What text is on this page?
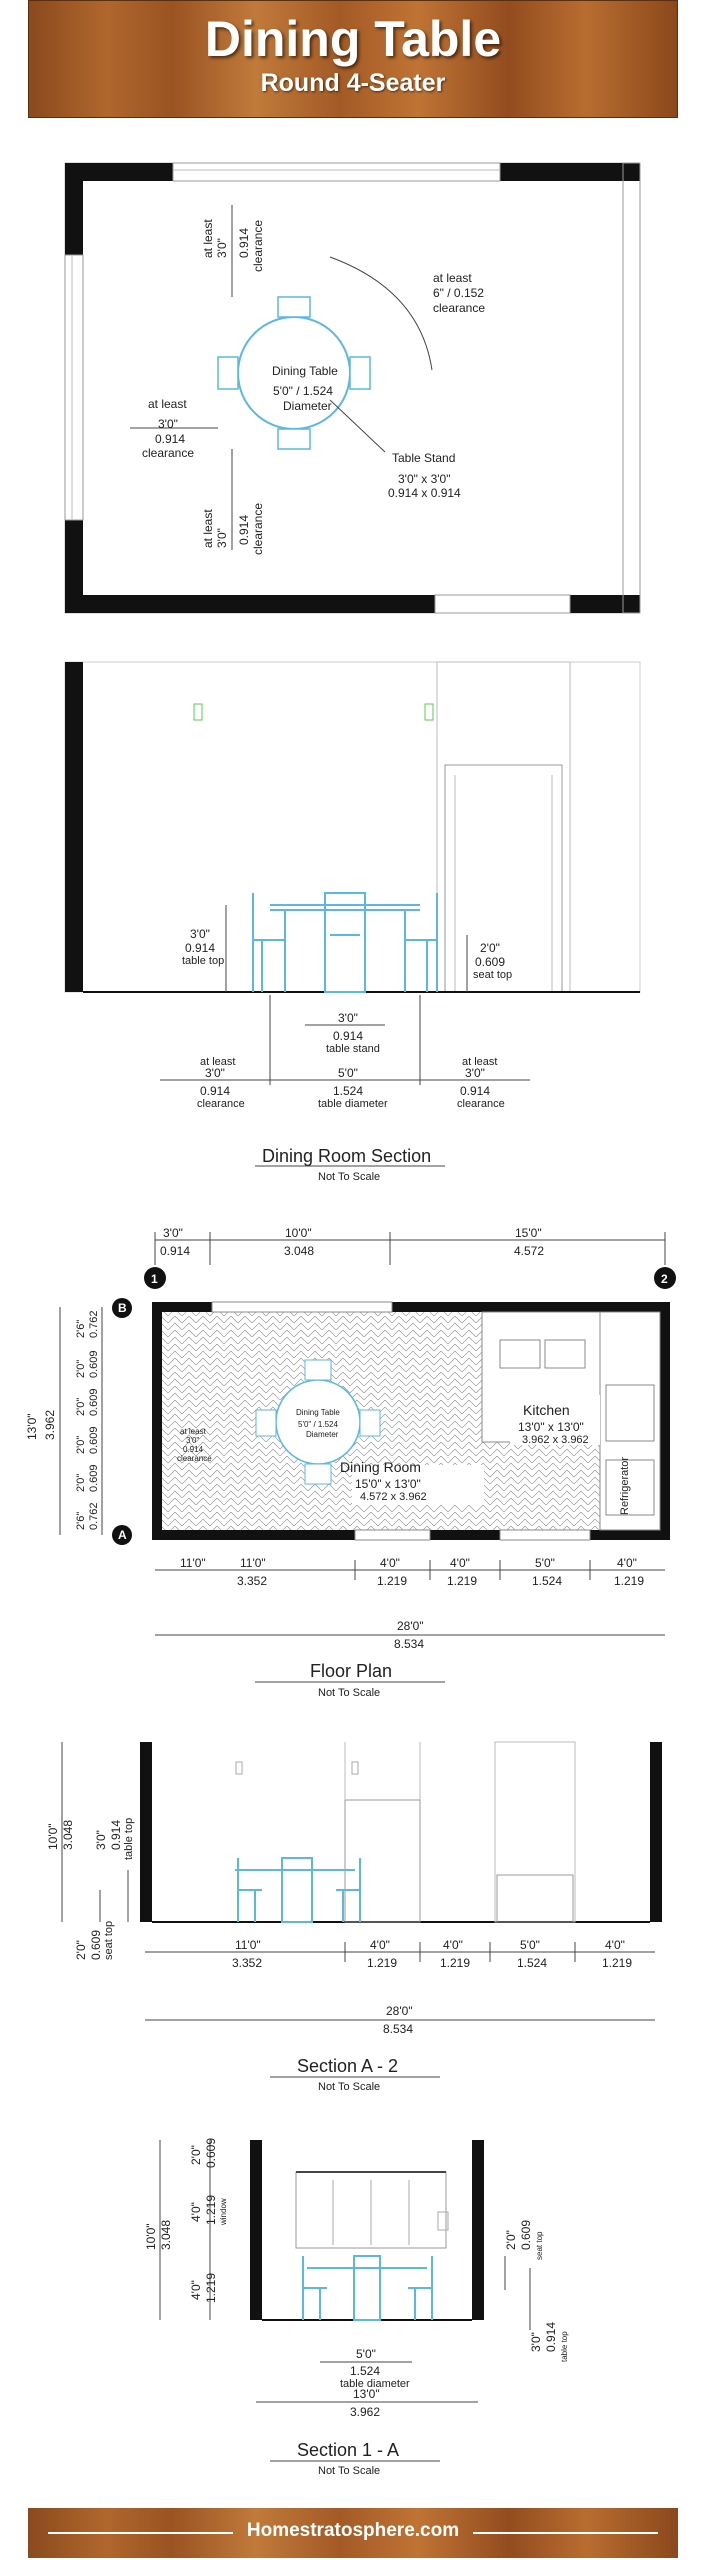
Dining Table
Round 4-Seater
at least 3'0" 0.914 clearance
at least 3'0" 0.914 clearance
at least
3'0"
0.914
clearance
at least
6" / 0.152
clearance
Dining Table
5'0" / 1.524
Diameter
Table Stand
3'0" x 3'0"
0.914 x 0.914
3'0"
0.914
table top
2'0"
0.609
seat top
3'0"
0.914
table stand
at least
3'0"
0.914
clearance
5'0"
1.524
table diameter
at least
3'0"
0.914
clearance
Dining Room Section
Not To Scale
3'0"
0.914
10'0"
3.048
15'0"
4.572
1	2
B
A
13'0" 3.962
2'6" 0.762
2'0" 0.609
2'0" 0.609
2'0" 0.609
2'0" 0.609
2'6" 0.762
Dining Room
15'0" x 13'0"
4.572 x 3.962
Kitchen
13'0" x 13'0"
3.962 x 3.962
Refrigerator
Dining Table
5'0" / 1.524
Diameter
at least
3'0"
0.914
clearance
11'0"	11'0"
3.352
4'0"
1.219
4'0"
1.219
5'0"
1.524
4'0"
1.219
28'0"
8.534
Floor Plan
Not To Scale
10'0" 3.048 3'0" 0.914 table top
2'0" 0.609 seat top	11'0"
3.352
4'0"
1.219
4'0"
1.219
5'0"
1.524
4'0"
1.219
28'0"
8.534
Section A - 2
Not To Scale
10'0" 3.048
2'0" 0.609
4'0" 1.219 window
4'0" 1.219
2'0" 0.609 seat top
3'0" 0.914 table top
5'0"
1.524
table diameter
13'0"
3.962
Section 1 - A
Not To Scale
Homestratosphere.com
